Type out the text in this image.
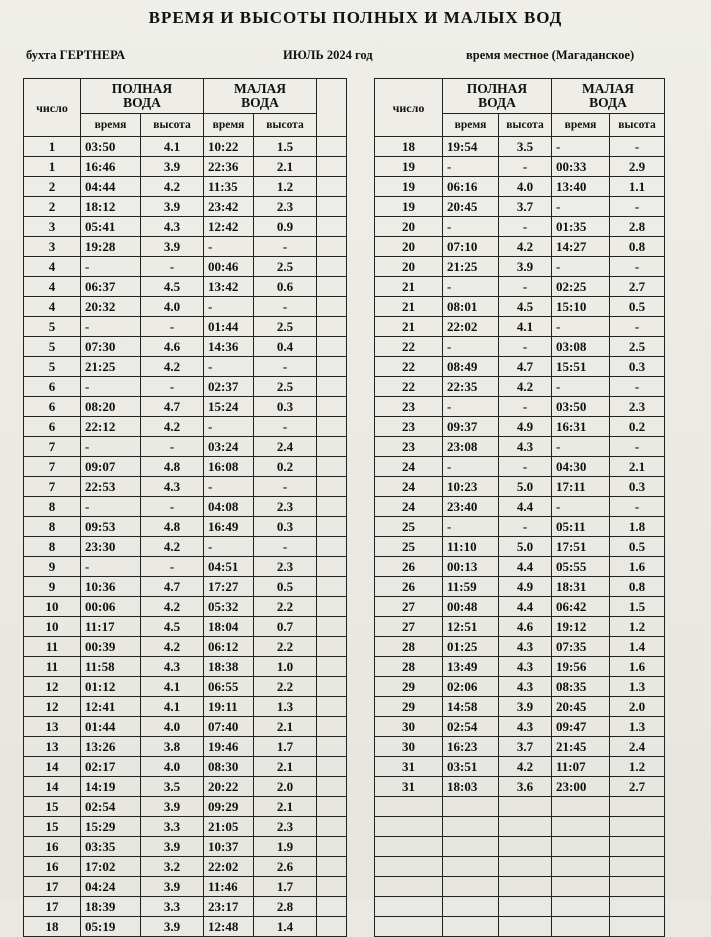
ВРЕМЯ И ВЫСОТЫ ПОЛНЫХ И МАЛЫХ ВОД
бухта ГЕРТНЕРА	ИЮЛЬ 2024 год	время местное (Магаданское)
число	ПОЛНАЯ
ВОДА		МАЛАЯ
ВОДА		
	время	высота	время	высота	
1	03:50	4.1	10:22	1.5	
1	16:46	3.9	22:36	2.1	
2	04:44	4.2	11:35	1.2	
2	18:12	3.9	23:42	2.3	
3	05:41	4.3	12:42	0.9	
3	19:28	3.9	-	-	
4	-	-	00:46	2.5	
4	06:37	4.5	13:42	0.6	
4	20:32	4.0	-	-	
5	-	-	01:44	2.5	
5	07:30	4.6	14:36	0.4	
5	21:25	4.2	-	-	
6	-	-	02:37	2.5	
6	08:20	4.7	15:24	0.3	
6	22:12	4.2	-	-	
7	-	-	03:24	2.4	
7	09:07	4.8	16:08	0.2	
7	22:53	4.3	-	-	
8	-	-	04:08	2.3	
8	09:53	4.8	16:49	0.3	
8	23:30	4.2	-	-	
9	-	-	04:51	2.3	
9	10:36	4.7	17:27	0.5	
10	00:06	4.2	05:32	2.2	
10	11:17	4.5	18:04	0.7	
11	00:39	4.2	06:12	2.2	
11	11:58	4.3	18:38	1.0	
12	01:12	4.1	06:55	2.2	
12	12:41	4.1	19:11	1.3	
13	01:44	4.0	07:40	2.1	
13	13:26	3.8	19:46	1.7	
14	02:17	4.0	08:30	2.1	
14	14:19	3.5	20:22	2.0	
15	02:54	3.9	09:29	2.1	
15	15:29	3.3	21:05	2.3	
16	03:35	3.9	10:37	1.9	
16	17:02	3.2	22:02	2.6	
17	04:24	3.9	11:46	1.7	
17	18:39	3.3	23:17	2.8	
18	05:19	3.9	12:48	1.4	
число	ПОЛНАЯ
ВОДА		МАЛАЯ
ВОДА	
	время	высота	время	высота
18	19:54	3.5	-	-
19	-	-	00:33	2.9
19	06:16	4.0	13:40	1.1
19	20:45	3.7	-	-
20	-	-	01:35	2.8
20	07:10	4.2	14:27	0.8
20	21:25	3.9	-	-
21	-	-	02:25	2.7
21	08:01	4.5	15:10	0.5
21	22:02	4.1	-	-
22	-	-	03:08	2.5
22	08:49	4.7	15:51	0.3
22	22:35	4.2	-	-
23	-	-	03:50	2.3
23	09:37	4.9	16:31	0.2
23	23:08	4.3	-	-
24	-	-	04:30	2.1
24	10:23	5.0	17:11	0.3
24	23:40	4.4	-	-
25	-	-	05:11	1.8
25	11:10	5.0	17:51	0.5
26	00:13	4.4	05:55	1.6
26	11:59	4.9	18:31	0.8
27	00:48	4.4	06:42	1.5
27	12:51	4.6	19:12	1.2
28	01:25	4.3	07:35	1.4
28	13:49	4.3	19:56	1.6
29	02:06	4.3	08:35	1.3
29	14:58	3.9	20:45	2.0
30	02:54	4.3	09:47	1.3
30	16:23	3.7	21:45	2.4
31	03:51	4.2	11:07	1.2
31	18:03	3.6	23:00	2.7
